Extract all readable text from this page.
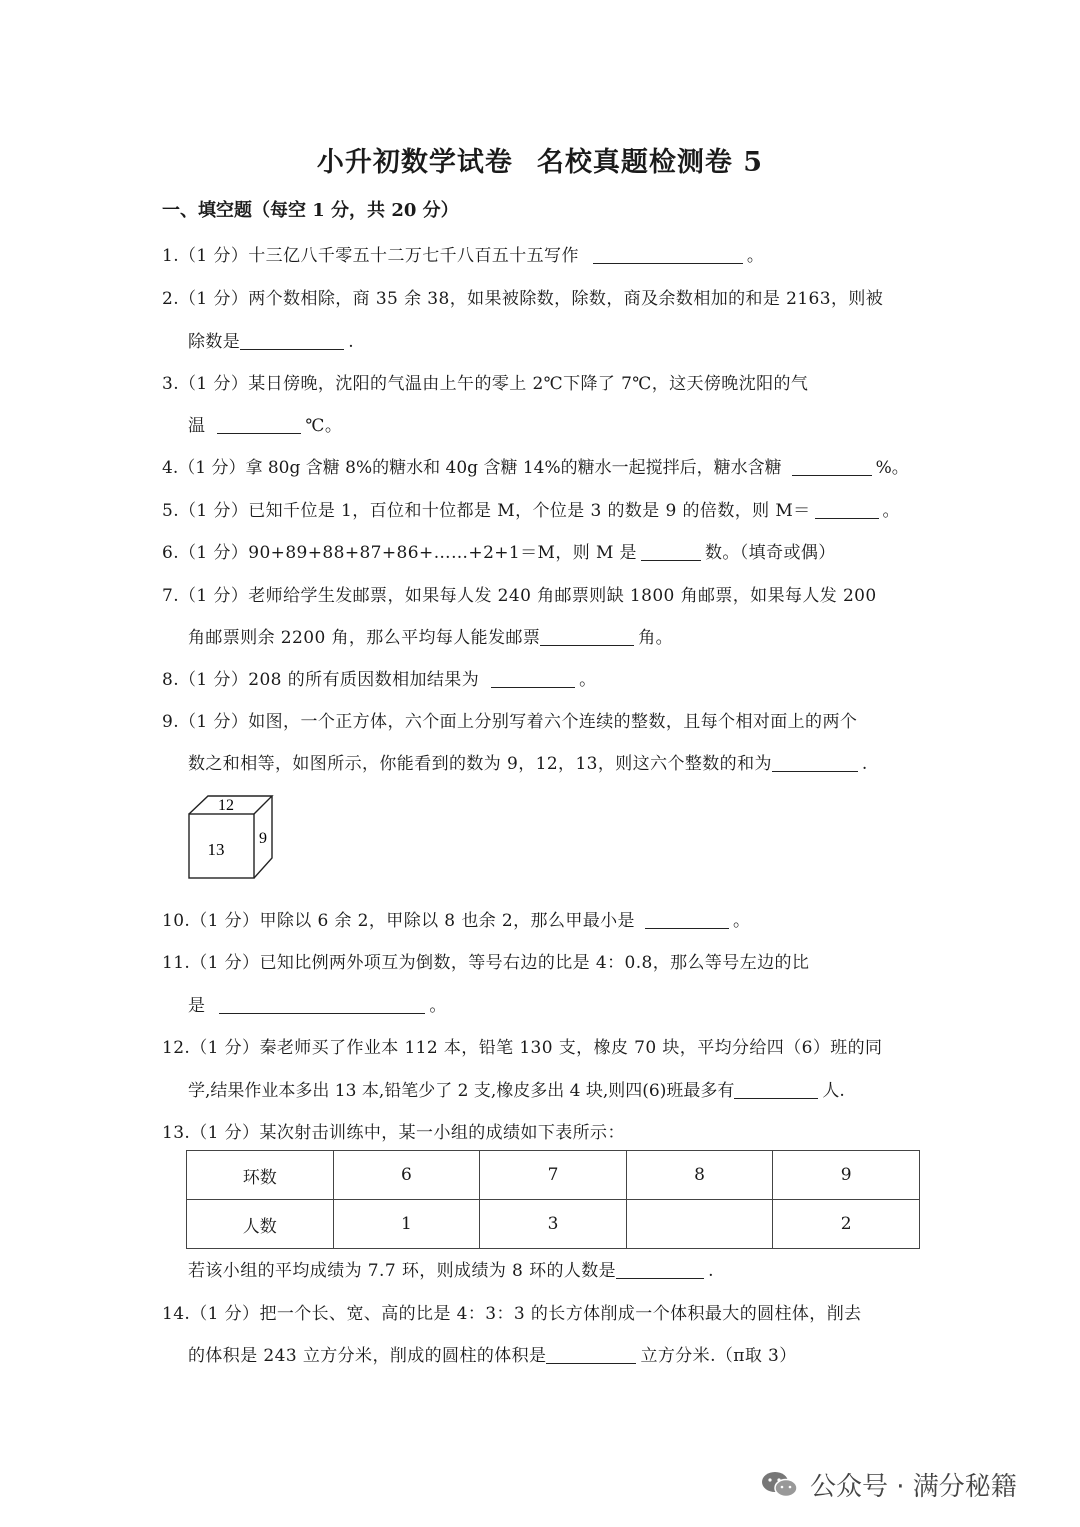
小升初数学试卷 名校真题检测卷 5
一、填空题（每空 1 分，共 20 分）
1.（1 分）十三亿八千零五十二万七千八百五十五写作	。
2.（1 分）两个数相除，商 35 余 38，如果被除数，除数，商及余数相加的和是 2163，则被
除数是	.
3.（1 分）某日傍晚，沈阳的气温由上午的零上 2℃下降了 7℃，这天傍晚沈阳的气
温	℃。
4.（1 分）拿 80g 含糖 8%的糖水和 40g 含糖 14%的糖水一起搅拌后，糖水含糖	%。
5.（1 分）已知千位是 1，百位和十位都是 M，个位是 3 的数是 9 的倍数，则 M＝	。
6.（1 分）90+89+88+87+86+……+2+1＝M，则 M 是	数。（填奇或偶）
7.（1 分）老师给学生发邮票，如果每人发 240 角邮票则缺 1800 角邮票，如果每人发 200
角邮票则余 2200 角，那么平均每人能发邮票	角。
8.（1 分）208 的所有质因数相加结果为	。
9.（1 分）如图，一个正方体，六个面上分别写着六个连续的整数，且每个相对面上的两个
数之和相等，如图所示，你能看到的数为 9，12，13，则这六个整数的和为	.
12
13
9
10.（1 分）甲除以 6 余 2，甲除以 8 也余 2，那么甲最小是	。
11.（1 分）已知比例两外项互为倒数，等号右边的比是 4：0.8，那么等号左边的比
是	。
12.（1 分）秦老师买了作业本 112 本，铅笔 130 支，橡皮 70 块，平均分给四（6）班的同
学,结果作业本多出 13 本,铅笔少了 2 支,橡皮多出 4 块,则四(6)班最多有	人.
13.（1 分）某次射击训练中，某一小组的成绩如下表所示：
环数	6	7	8	9
人数	1	3		2
若该小组的平均成绩为 7.7 环，则成绩为 8 环的人数是	.
14.（1 分）把一个长、宽、高的比是 4：3：3 的长方体削成一个体积最大的圆柱体，削去
的体积是 243 立方分米，削成的圆柱的体积是	立方分米.（π取 3）
公众号 · 满分秘籍
